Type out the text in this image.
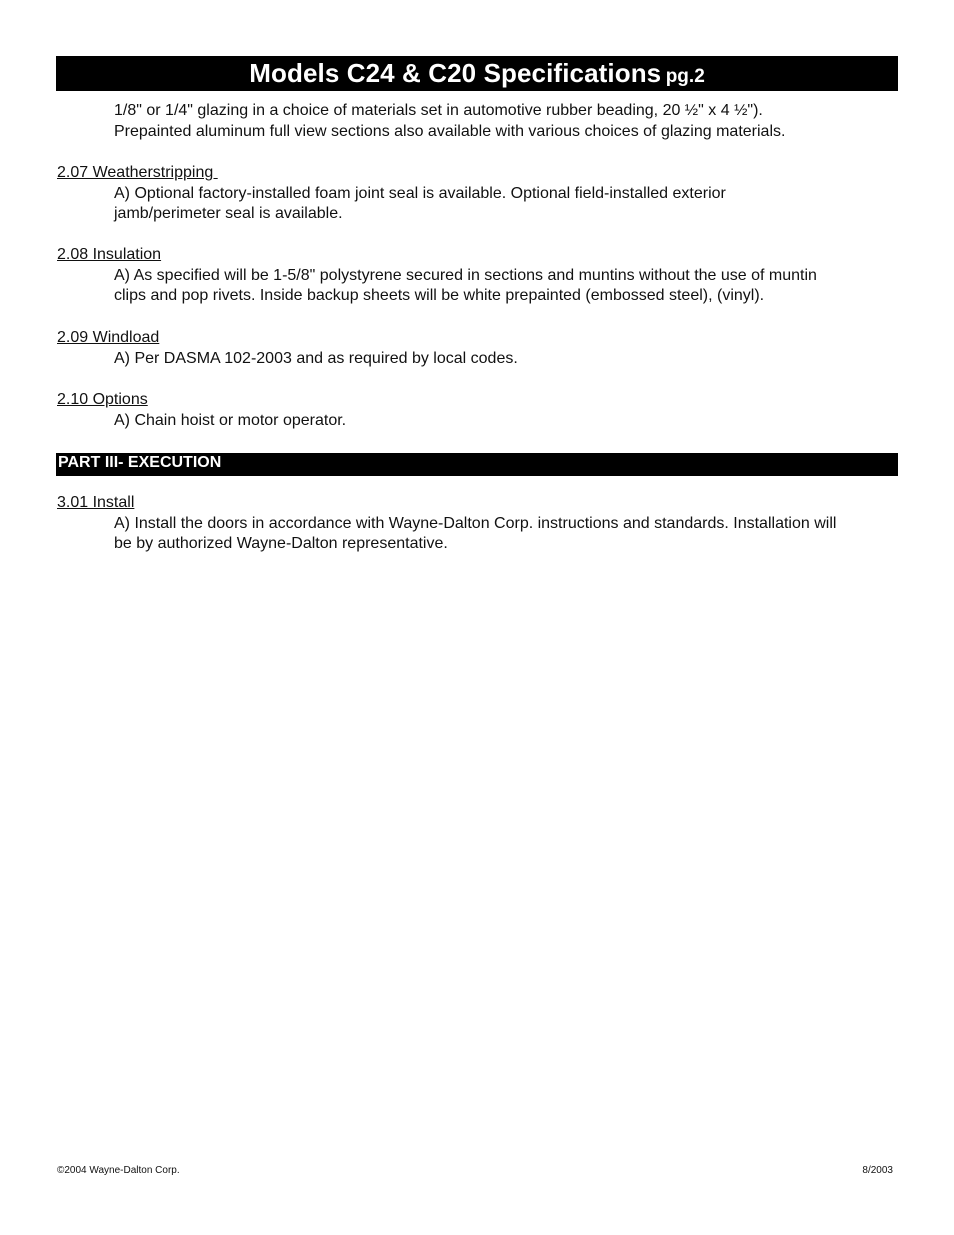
Models C24 & C20 Specifications pg.2
1/8" or 1/4" glazing in a choice of materials set in automotive rubber beading, 20 ½" x 4 ½").
Prepainted aluminum full view sections also available with various choices of glazing materials.
2.07 Weatherstripping
A) Optional factory-installed foam joint seal is available. Optional field-installed exterior
jamb/perimeter seal is available.
2.08 Insulation
A) As specified will be 1-5/8" polystyrene secured in sections and muntins without the use of muntin
clips and pop rivets. Inside backup sheets will be white prepainted (embossed steel), (vinyl).
2.09 Windload
A) Per DASMA 102-2003 and as required by local codes.
2.10 Options
A) Chain hoist or motor operator.
PART III- EXECUTION
3.01 Install
A) Install the doors in accordance with Wayne-Dalton Corp. instructions and standards. Installation will
be by authorized Wayne-Dalton representative.
©2004 Wayne-Dalton Corp.	8/2003
